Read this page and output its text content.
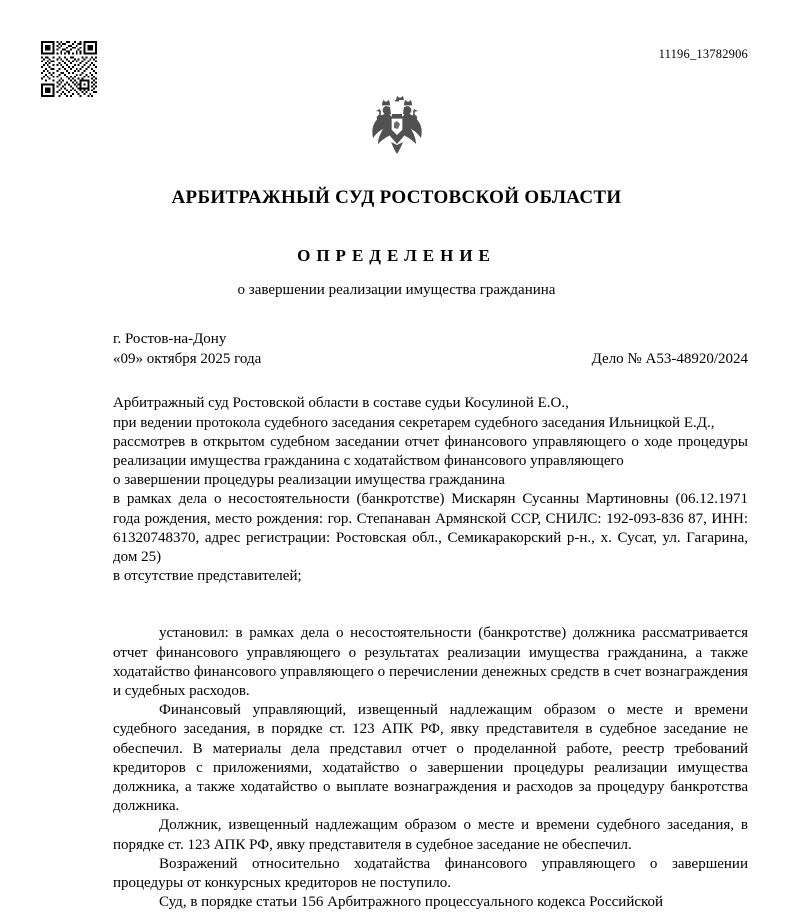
11196_13782906
АРБИТРАЖНЫЙ СУД РОСТОВСКОЙ ОБЛАСТИ
ОПРЕДЕЛЕНИЕ
о завершении реализации имущества гражданина
г. Ростов-на-Дону
«09» октября 2025 года	Дело № А53-48920/2024

Арбитражный суд Ростовской области в составе судьи Косулиной Е.О.,

при ведении протокола судебного заседания секретарем судебного заседания Ильницкой Е.Д.,

рассмотрев в открытом судебном заседании отчет финансового управляющего о ходе процедуры реализации имущества гражданина с ходатайством финансового управляющего

о завершении процедуры реализации имущества гражданина

в рамках дела о несостоятельности (банкротстве) Мискарян Сусанны Мартиновны (06.12.1971 года рождения, место рождения: гор. Степанаван Армянской ССР, СНИЛС: 192-093-836 87, ИНН: 61320748370, адрес регистрации: Ростовская обл., Семикаракорский р-н., х. Сусат, ул. Гагарина, дом 25)

в отсутствие представителей;

установил: в рамках дела о несостоятельности (банкротстве) должника рассматривается отчет финансового управляющего о результатах реализации имущества гражданина, а также ходатайство финансового управляющего о перечислении денежных средств в счет вознаграждения и судебных расходов.

Финансовый управляющий, извещенный надлежащим образом о месте и времени судебного заседания, в порядке ст. 123 АПК РФ, явку представителя в судебное заседание не обеспечил. В материалы дела представил отчет о проделанной работе, реестр требований кредиторов с приложениями, ходатайство о завершении процедуры реализации имущества должника, а также ходатайство о выплате вознаграждения и расходов за процедуру банкротства должника.

Должник, извещенный надлежащим образом о месте и времени судебного заседания, в порядке ст. 123 АПК РФ, явку представителя в судебное заседание не обеспечил.

Возражений относительно ходатайства финансового управляющего о завершении процедуры от конкурсных кредиторов не поступило.

Суд, в порядке статьи 156 Арбитражного процессуального кодекса Российской
